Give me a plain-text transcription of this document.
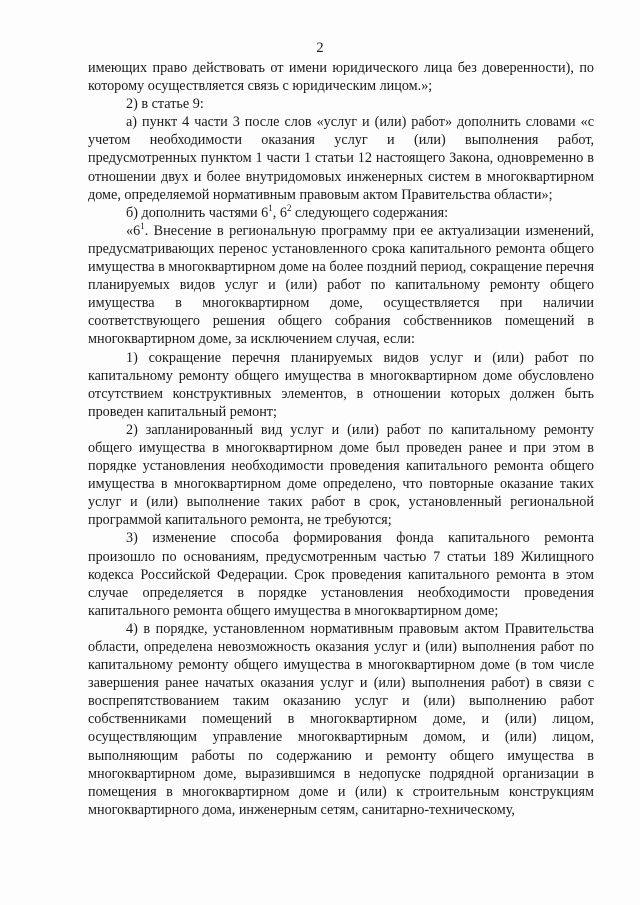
2

имеющих право действовать от имени юридического лица без доверенности), по которому осуществляется связь с юридическим лицом.»;

2) в статье 9:

а) пункт 4 части 3 после слов «услуг и (или) работ» дополнить словами «с учетом необходимости оказания услуг и (или) выполнения работ, предусмотренных пунктом 1 части 1 статьи 12 настоящего Закона, одновременно в отношении двух и более внутридомовых инженерных систем в многоквартирном доме, определяемой нормативным правовым актом Правительства области»;

б) дополнить частями $6^1$, $6^2$ следующего содержания:

«$6^1$. Внесение в региональную программу при ее актуализации изменений, предусматривающих перенос установленного срока капитального ремонта общего имущества в многоквартирном доме на более поздний период, сокращение перечня планируемых видов услуг и (или) работ по капитальному ремонту общего имущества в многоквартирном доме, осуществляется при наличии соответствующего решения общего собрания собственников помещений в многоквартирном доме, за исключением случая, если:

1) сокращение перечня планируемых видов услуг и (или) работ по капитальному ремонту общего имущества в многоквартирном доме обусловлено отсутствием конструктивных элементов, в отношении которых должен быть проведен капитальный ремонт;

2) запланированный вид услуг и (или) работ по капитальному ремонту общего имущества в многоквартирном доме был проведен ранее и при этом в порядке установления необходимости проведения капитального ремонта общего имущества в многоквартирном доме определено, что повторные оказание таких услуг и (или) выполнение таких работ в срок, установленный региональной программой капитального ремонта, не требуются;

3) изменение способа формирования фонда капитального ремонта произошло по основаниям, предусмотренным частью 7 статьи 189 Жилищного кодекса Российской Федерации. Срок проведения капитального ремонта в этом случае определяется в порядке установления необходимости проведения капитального ремонта общего имущества в многоквартирном доме;

4) в порядке, установленном нормативным правовым актом Правительства области, определена невозможность оказания услуг и (или) выполнения работ по капитальному ремонту общего имущества в многоквартирном доме (в том числе завершения ранее начатых оказания услуг и (или) выполнения работ) в связи с воспрепятствованием таким оказанию услуг и (или) выполнению работ собственниками помещений в многоквартирном доме, и (или) лицом, осуществляющим управление многоквартирным домом, и (или) лицом, выполняющим работы по содержанию и ремонту общего имущества в многоквартирном доме, выразившимся в недопуске подрядной организации в помещения в многоквартирном доме и (или) к строительным конструкциям многоквартирного дома, инженерным сетям, санитарно-техническому,
